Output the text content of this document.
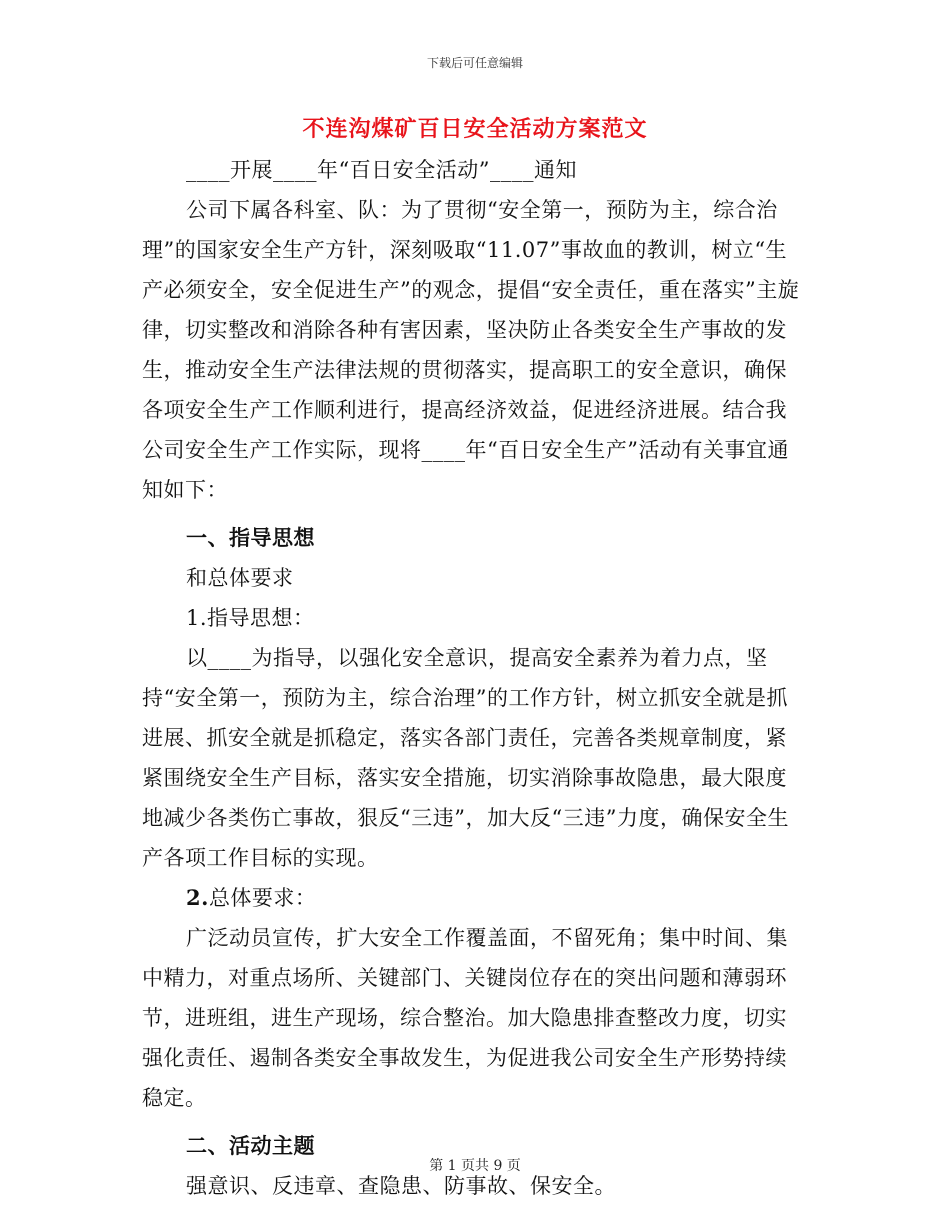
下载后可任意编辑
不连沟煤矿百日安全活动方案范文

____开展____年“百日安全活动”____通知

公司下属各科室、队：为了贯彻“安全第一，预防为主，综合治理”的国家安全生产方针，深刻吸取“11.07”事故血的教训，树立“生产必须安全，安全促进生产”的观念，提倡“安全责任，重在落实”主旋律，切实整改和消除各种有害因素，坚决防止各类安全生产事故的发生，推动安全生产法律法规的贯彻落实，提高职工的安全意识，确保各项安全生产工作顺利进行，提高经济效益，促进经济进展。结合我公司安全生产工作实际，现将____年“百日安全生产”活动有关事宜通知如下：

一、指导思想

和总体要求

1.指导思想：

以____为指导，以强化安全意识，提高安全素养为着力点，坚持“安全第一，预防为主，综合治理”的工作方针，树立抓安全就是抓进展、抓安全就是抓稳定，落实各部门责任，完善各类规章制度，紧紧围绕安全生产目标，落实安全措施，切实消除事故隐患，最大限度地减少各类伤亡事故，狠反“三违”，加大反“三违”力度，确保安全生产各项工作目标的实现。

2.总体要求：

广泛动员宣传，扩大安全工作覆盖面，不留死角；集中时间、集中精力，对重点场所、关键部门、关键岗位存在的突出问题和薄弱环节，进班组，进生产现场，综合整治。加大隐患排查整改力度，切实强化责任、遏制各类安全事故发生，为促进我公司安全生产形势持续稳定。

二、活动主题

强意识、反违章、查隐患、防事故、保安全。

第 1 页共 9 页
